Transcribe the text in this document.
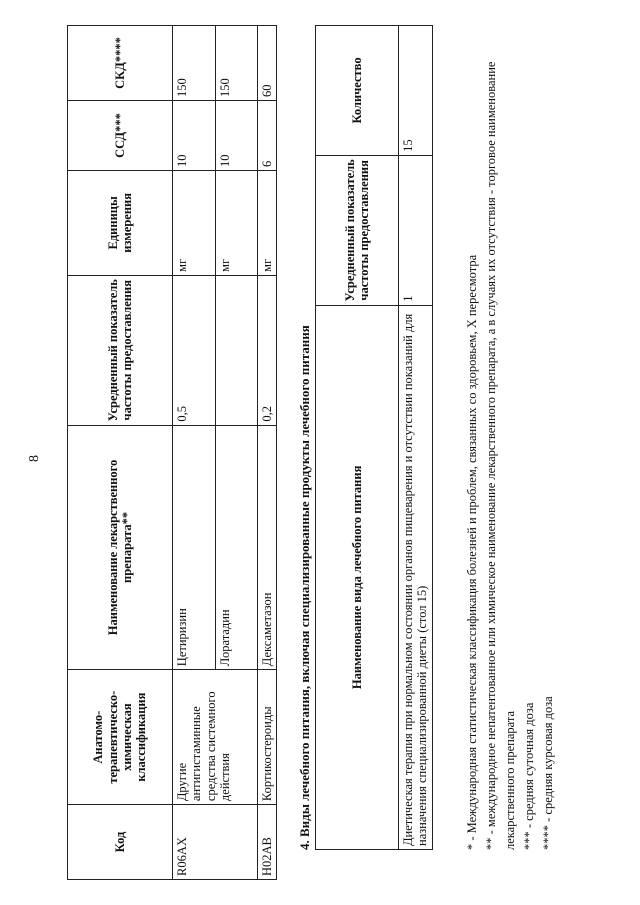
8
Код	Анатомо-терапевтическо-химическая классификация	Наименование лекарственного препарата**	Усредненный показатель частоты предоставления	Единицы измерения	ССД***	СКД****
R06AX	Другие антигистаминные средства системного действия	Цетиризин	0,5	мг	10	150
		Лоратадин		мг	10	150
H02AB	Кортикостероиды	Дексаметазон	0,2	мг	6	60
4. Виды лечебного питания, включая специализированные продукты лечебного питания	Наименование вида лечебного питания	Усредненный показатель частоты предоставления	Количество
Диетическая терапия при нормальном состоянии органов пищеварения и отсутствии показаний для назначения специализированной диеты (стол 15)	1	15
* - Международная статистическая классификация болезней и проблем, связанных со здоровьем, X пересмотра ** - международное непатентованное или химическое наименование лекарственного препарата, а в случаях их отсутствия - торговое наименование лекарственного препарата *** - средняя суточная доза **** - средняя курсовая доза
